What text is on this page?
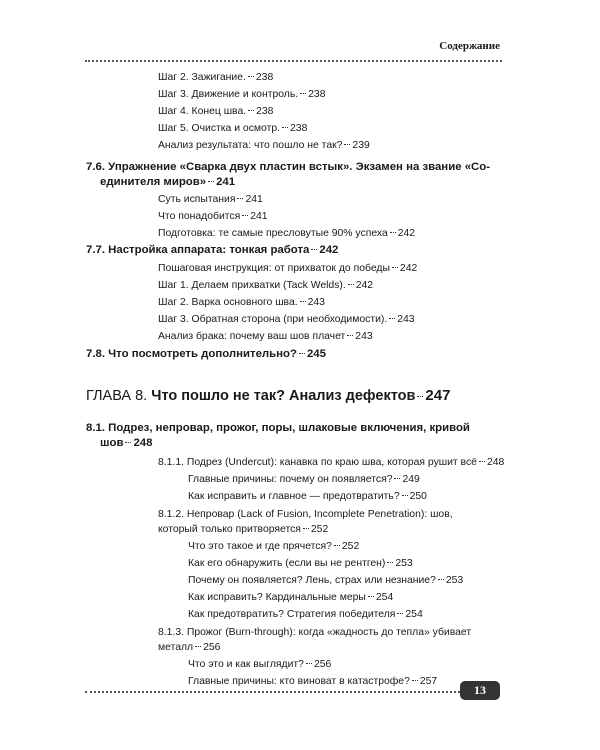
Содержание
Шаг 2. Зажигание. 238
Шаг 3. Движение и контроль. 238
Шаг 4. Конец шва. 238
Шаг 5. Очистка и осмотр. 238
Анализ результата: что пошло не так? 239
7.6. Упражнение «Сварка двух пластин встык». Экзамен на звание «Со-
единителя миров» 241
Суть испытания 241
Что понадобится 241
Подготовка: те самые пресловутые 90% успеха 242
7.7. Настройка аппарата: тонкая работа 242
Пошаговая инструкция: от прихваток до победы 242
Шаг 1. Делаем прихватки (Tack Welds). 242
Шаг 2. Варка основного шва. 243
Шаг 3. Обратная сторона (при необходимости). 243
Анализ брака: почему ваш шов плачет 243
7.8. Что посмотреть дополнительно? 245
ГЛАВА 8.
Что пошло не так? Анализ дефектов 247
8.1. Подрез, непровар, прожог, поры, шлаковые включения, кривой
шов 248
8.1.1. Подрез (Undercut): канавка по краю шва, которая рушит всё 248
Главные причины: почему он появляется? 249
Как исправить и главное — предотвратить? 250
8.1.2. Непровар (Lack of Fusion, Incomplete Penetration): шов,
который только притворяется 252
Что это такое и где прячется? 252
Как его обнаружить (если вы не рентген) 253
Почему он появляется? Лень, страх или незнание? 253
Как исправить? Кардинальные меры 254
Как предотвратить? Стратегия победителя 254
8.1.3. Прожог (Burn-through): когда «жадность до тепла» убивает
металл 256
Что это и как выглядит? 256
Главные причины: кто виноват в катастрофе? 257
13
